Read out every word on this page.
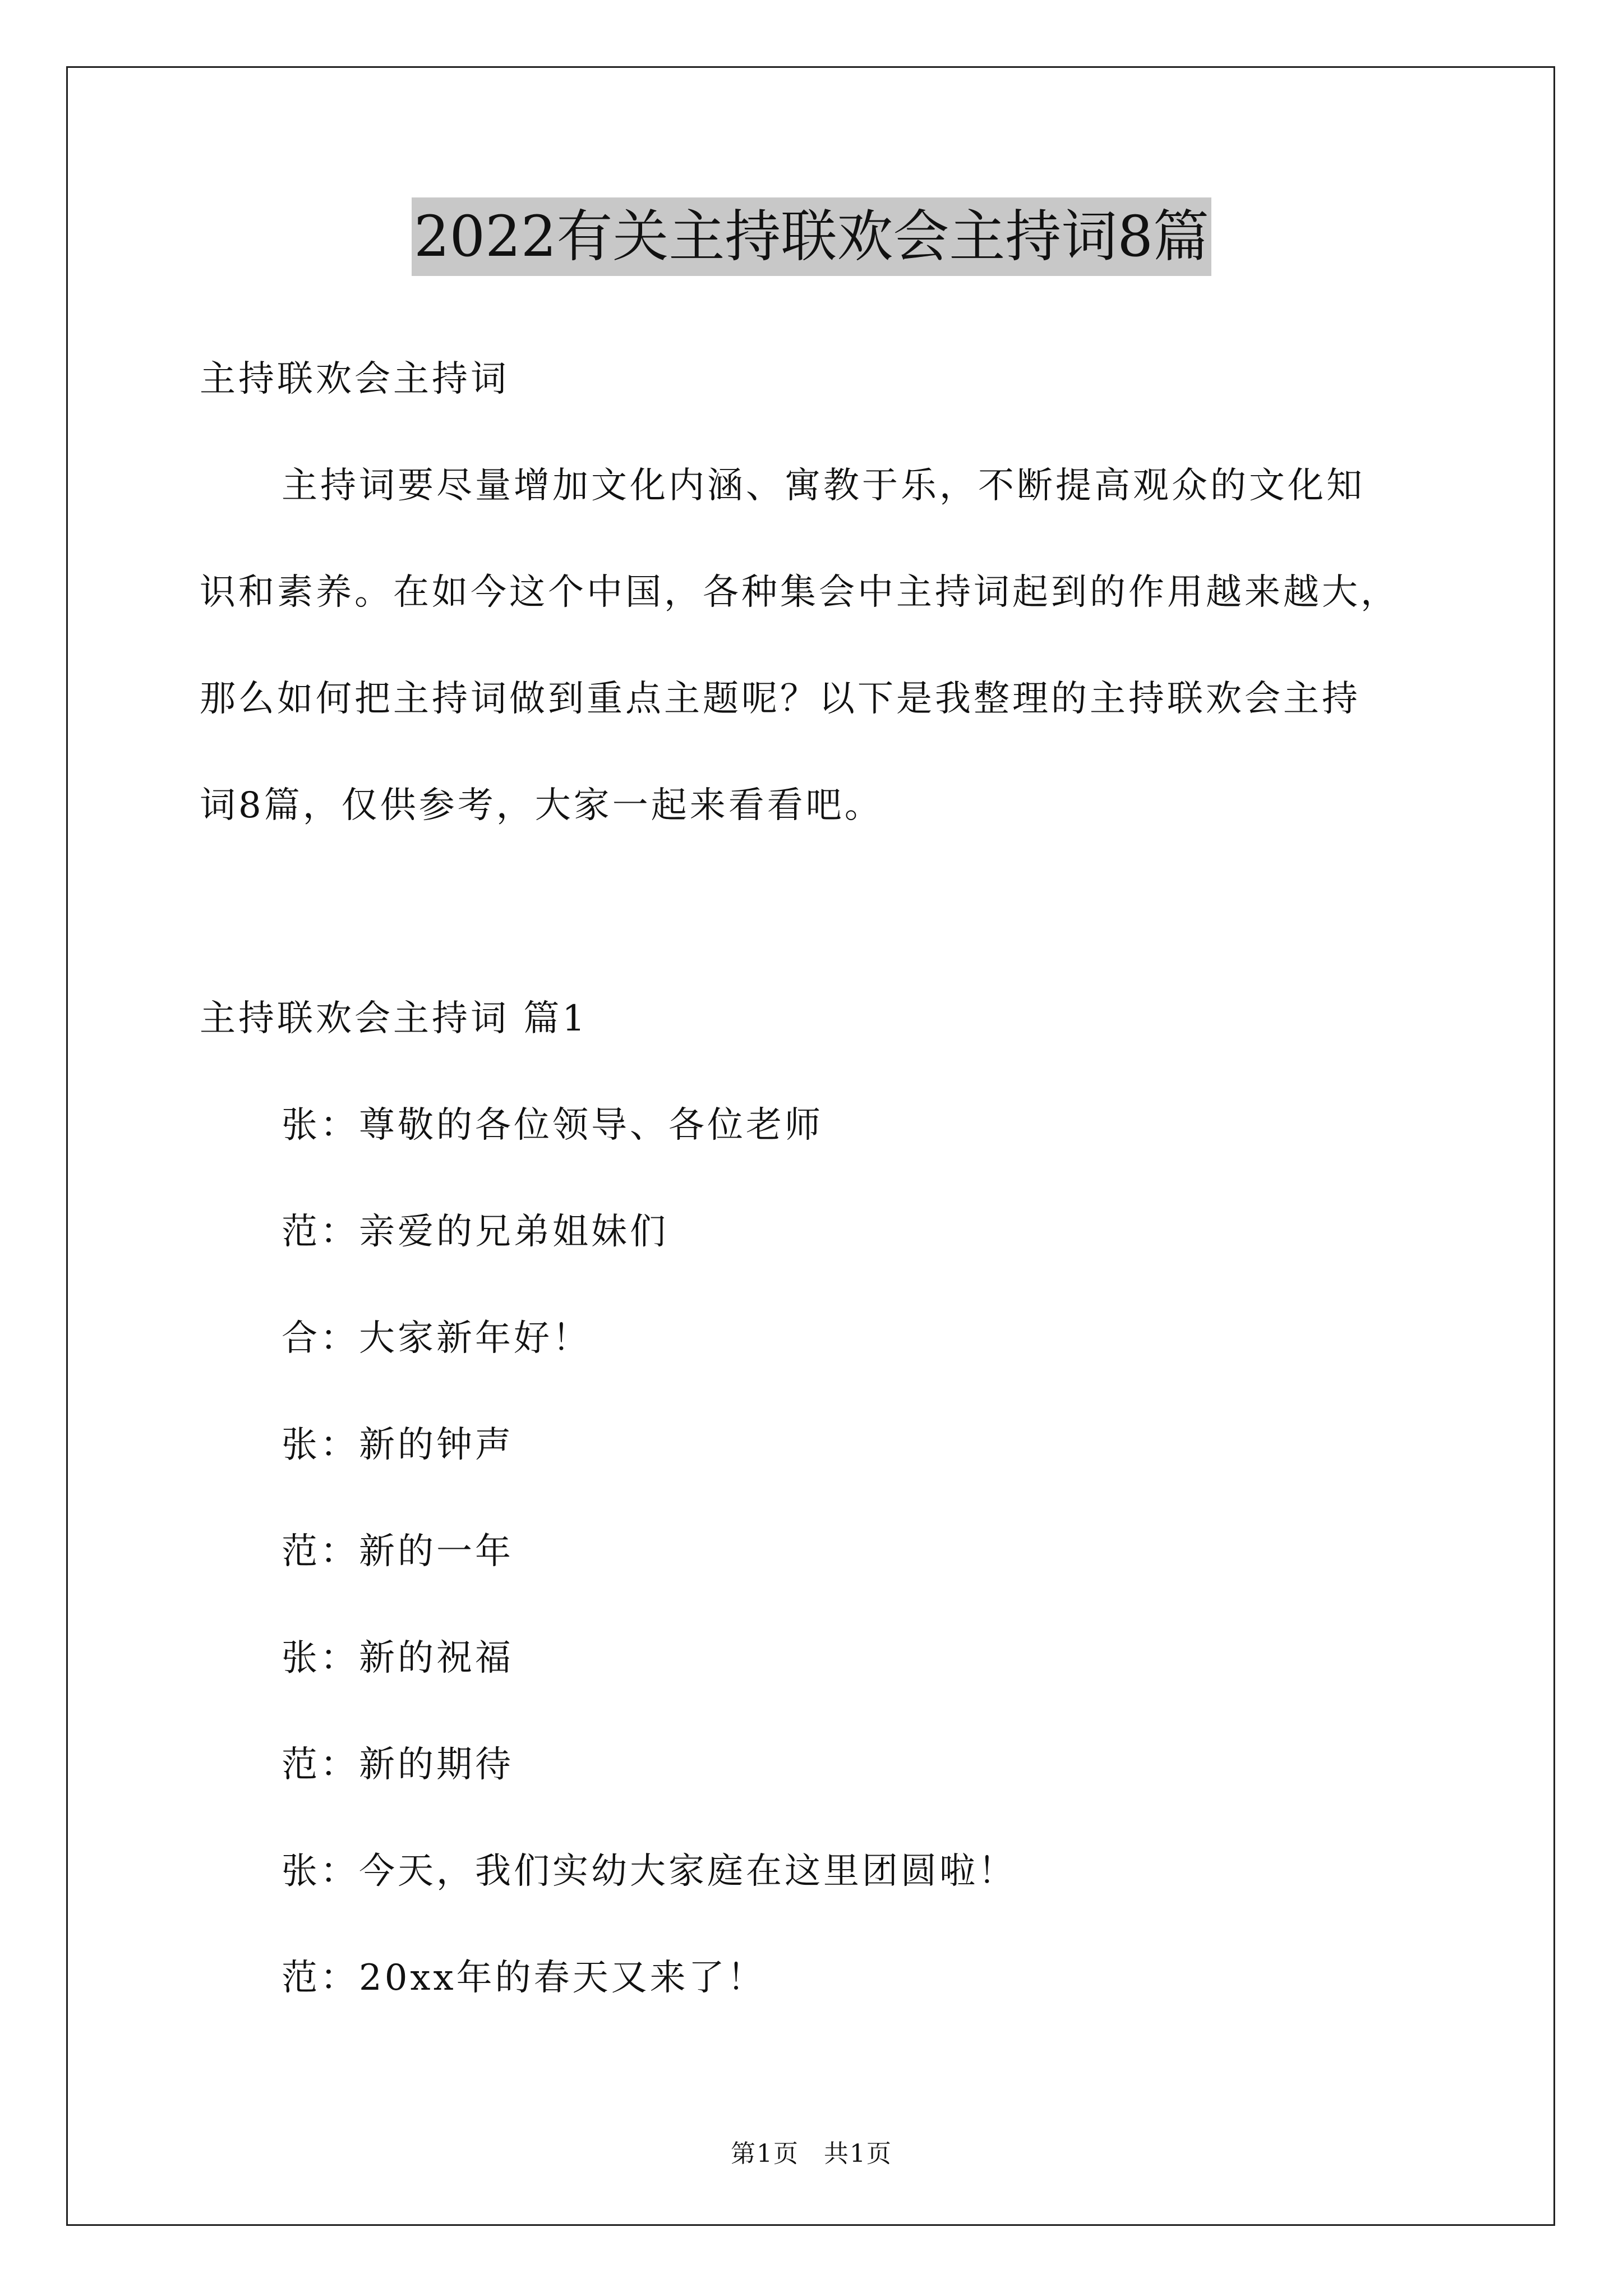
2022有关主持联欢会主持词8篇
主持联欢会主持词
主持词要尽量增加文化内涵、寓教于乐，不断提高观众的文化知
识和素养。在如今这个中国，各种集会中主持词起到的作用越来越大，
那么如何把主持词做到重点主题呢？以下是我整理的主持联欢会主持
词8篇，仅供参考，大家一起来看看吧。
主持联欢会主持词 篇1
张：尊敬的各位领导、各位老师
范：亲爱的兄弟姐妹们
合：大家新年好！
张：新的钟声
范：新的一年
张：新的祝福
范：新的期待
张：今天，我们实幼大家庭在这里团圆啦！
范：20xx年的春天又来了！
第1页 共1页
